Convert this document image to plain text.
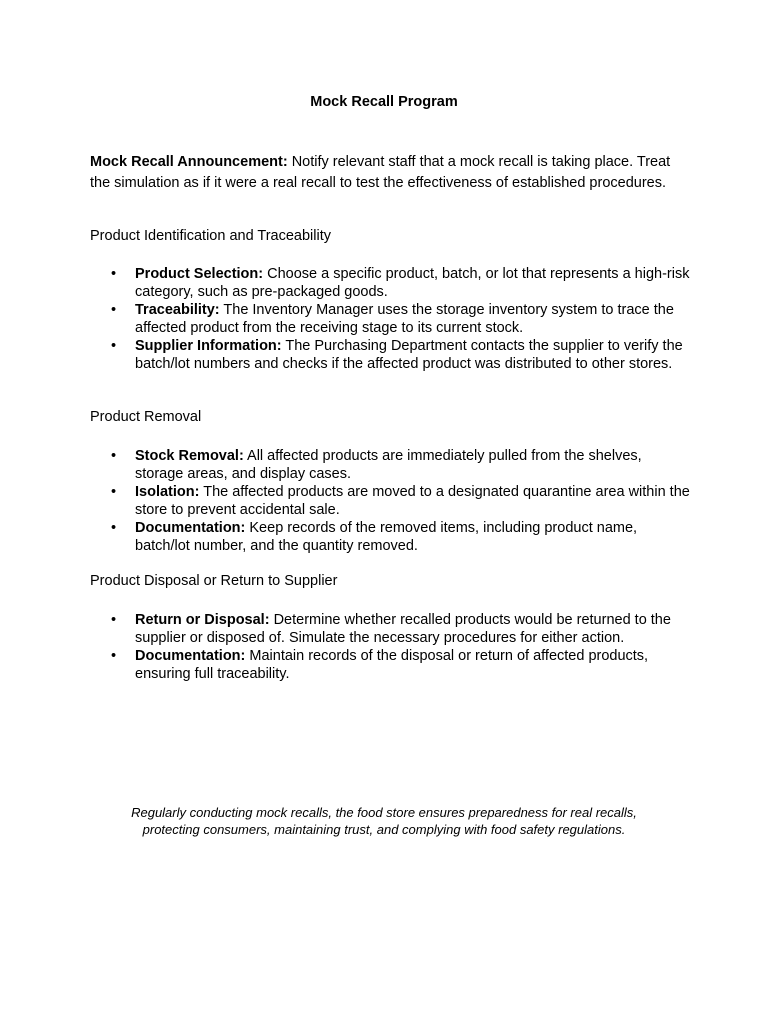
Mock Recall Program

Mock Recall Announcement: Notify relevant staff that a mock recall is taking place. Treat the simulation as if it were a real recall to test the effectiveness of established procedures.

Product Identification and Traceability
•	Product Selection: Choose a specific product, batch, or lot that represents a high-risk category, such as pre-packaged goods.
•	Traceability: The Inventory Manager uses the storage inventory system to trace the affected product from the receiving stage to its current stock.
•	Supplier Information: The Purchasing Department contacts the supplier to verify the batch/lot numbers and checks if the affected product was distributed to other stores.
Product Removal
•	Stock Removal: All affected products are immediately pulled from the shelves, storage areas, and display cases.
•	Isolation: The affected products are moved to a designated quarantine area within the store to prevent accidental sale.
•	Documentation: Keep records of the removed items, including product name, batch/lot number, and the quantity removed.
Product Disposal or Return to Supplier
•	Return or Disposal: Determine whether recalled products would be returned to the supplier or disposed of. Simulate the necessary procedures for either action.
•	Documentation: Maintain records of the disposal or return of affected products, ensuring full traceability.
Regularly conducting mock recalls, the food store ensures preparedness for real recalls,
protecting consumers, maintaining trust, and complying with food safety regulations.
